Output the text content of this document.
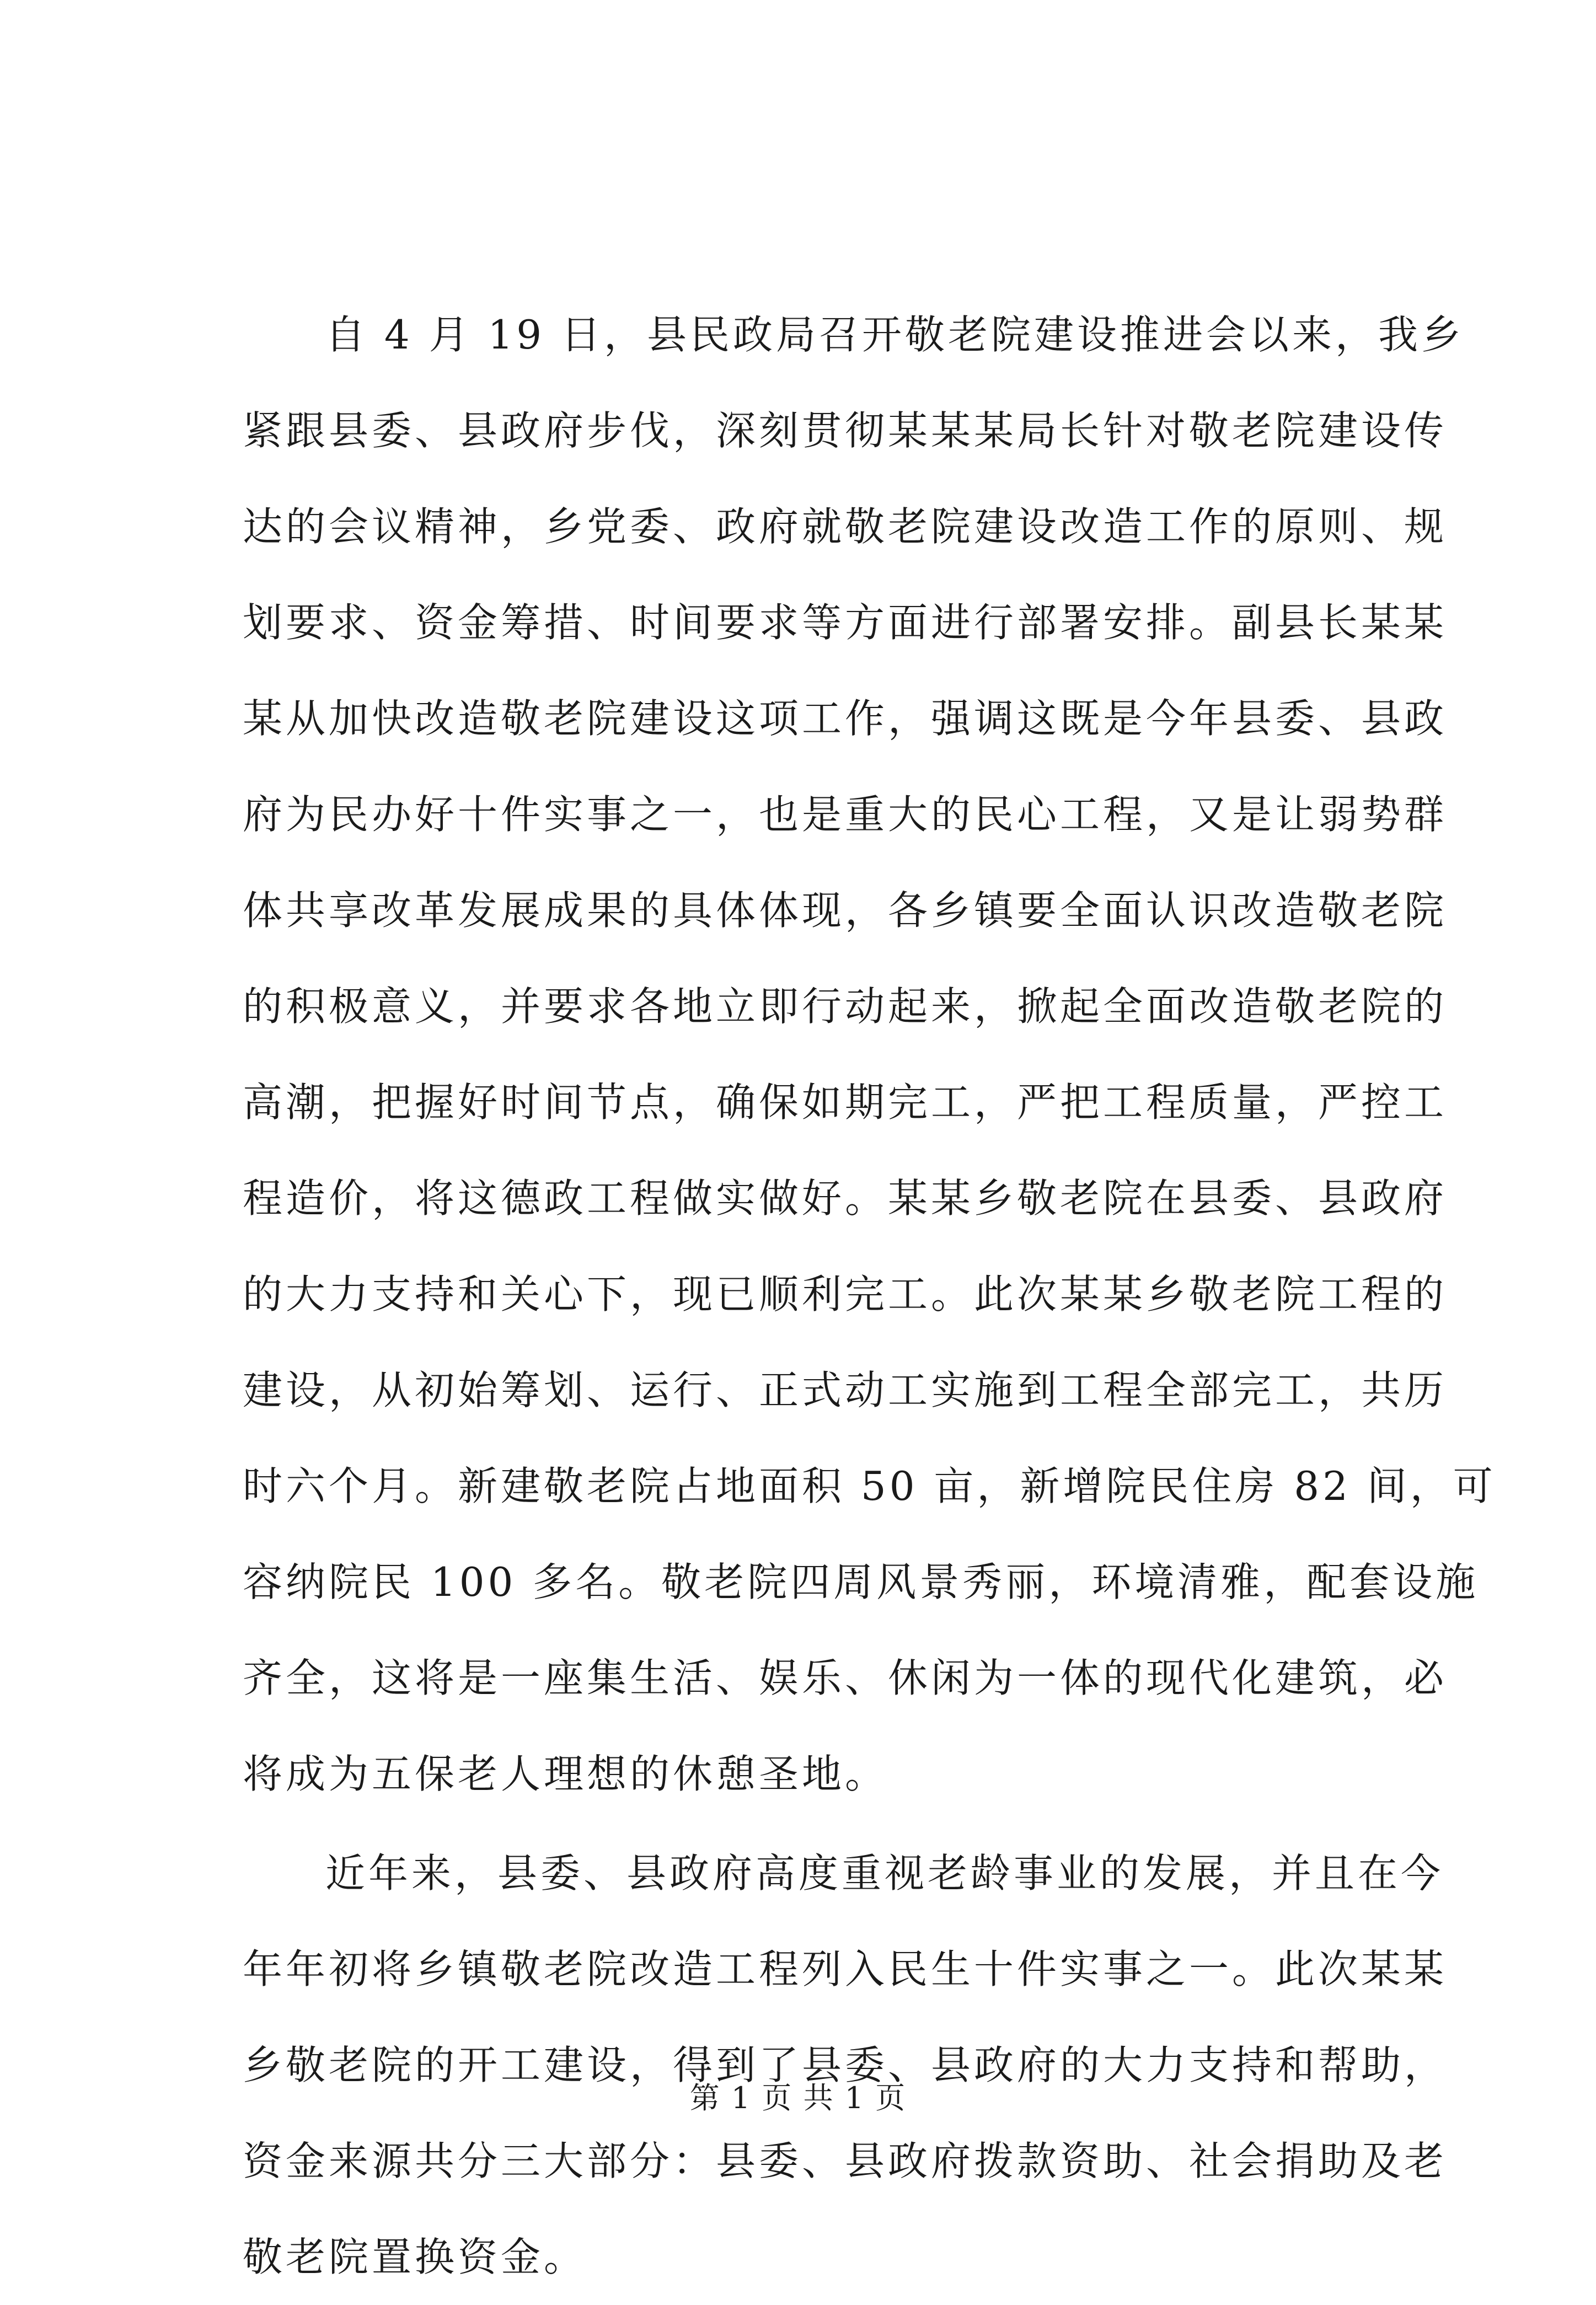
自 4 月 19 日，县民政局召开敬老院建设推进会以来，我乡
紧跟县委、县政府步伐，深刻贯彻某某某局长针对敬老院建设传
达的会议精神，乡党委、政府就敬老院建设改造工作的原则、规
划要求、资金筹措、时间要求等方面进行部署安排。副县长某某
某从加快改造敬老院建设这项工作，强调这既是今年县委、县政
府为民办好十件实事之一，也是重大的民心工程，又是让弱势群
体共享改革发展成果的具体体现，各乡镇要全面认识改造敬老院
的积极意义，并要求各地立即行动起来，掀起全面改造敬老院的
高潮，把握好时间节点，确保如期完工，严把工程质量，严控工
程造价，将这德政工程做实做好。某某乡敬老院在县委、县政府
的大力支持和关心下，现已顺利完工。此次某某乡敬老院工程的
建设，从初始筹划、运行、正式动工实施到工程全部完工，共历
时六个月。新建敬老院占地面积 50 亩，新增院民住房 82 间，可
容纳院民 100 多名。敬老院四周风景秀丽，环境清雅，配套设施
齐全，这将是一座集生活、娱乐、休闲为一体的现代化建筑，必
将成为五保老人理想的休憩圣地。
近年来，县委、县政府高度重视老龄事业的发展，并且在今
年年初将乡镇敬老院改造工程列入民生十件实事之一。此次某某
乡敬老院的开工建设，得到了县委、县政府的大力支持和帮助，
资金来源共分三大部分：县委、县政府拨款资助、社会捐助及老
敬老院置换资金。
第 1 页 共 1 页
